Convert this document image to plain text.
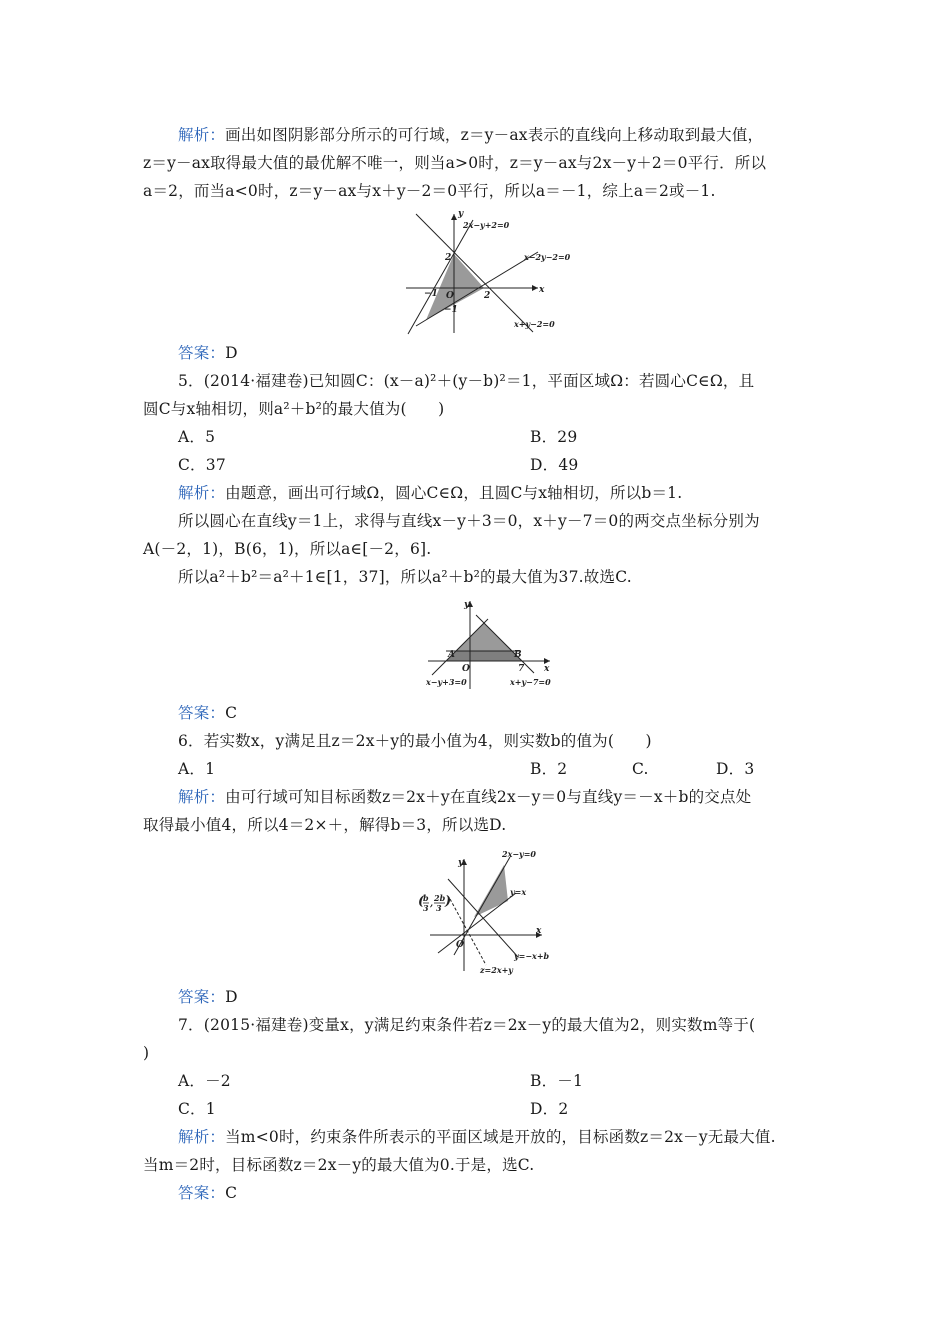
解析：画出如图阴影部分所示的可行域，z＝y－ax表示的直线向上移动取到最大值，
z＝y－ax取得最大值的最优解不唯一，则当a>0时，z＝y－ax与2x－y＋2＝0平行．所以
a＝2，而当a<0时，z＝y－ax与x＋y－2＝0平行，所以a＝－1，综上a＝2或－1.
y
x
2x−y+2=0
x−2y−2=0
x+y−2=0
2
−1 O	2
−1
答案：D
5．(2014·福建卷)已知圆C：(x－a)²＋(y－b)²＝1，平面区域Ω：若圆心C∈Ω，且
圆C与x轴相切，则a²＋b²的最大值为(　　)
A．5	B．29
C．37	D．49
解析：由题意，画出可行域Ω，圆心C∈Ω，且圆C与x轴相切，所以b＝1.
所以圆心在直线y＝1上，求得与直线x－y＋3＝0，x＋y－7＝0的两交点坐标分别为
A(－2，1)，B(6，1)，所以a∈[－2，6].
所以a²＋b²＝a²＋1∈[1，37]，所以a²＋b²的最大值为37.故选C.
y
x
A	B
O	7
x−y+3=0	x+y−7=0
答案：C
6．若实数x，y满足且z＝2x＋y的最小值为4，则实数b的值为(　　)
A．1	B．2	C.	D．3
解析：由可行域可知目标函数z＝2x＋y在直线2x－y＝0与直线y＝－x＋b的交点处
取得最小值4，所以4＝2×＋，解得b＝3，所以选D.
y
x
O
2x−y=0
y=x
y=−x+b
z=2x+y
(
b
3 ,
2b
3 )
答案：D
7．(2015·福建卷)变量x，y满足约束条件若z＝2x－y的最大值为2，则实数m等于(
)
A．－2	B．－1
C．1	D．2
解析：当m<0时，约束条件所表示的平面区域是开放的，目标函数z＝2x－y无最大值.
当m＝2时，目标函数z＝2x－y的最大值为0.于是，选C.
答案：C
